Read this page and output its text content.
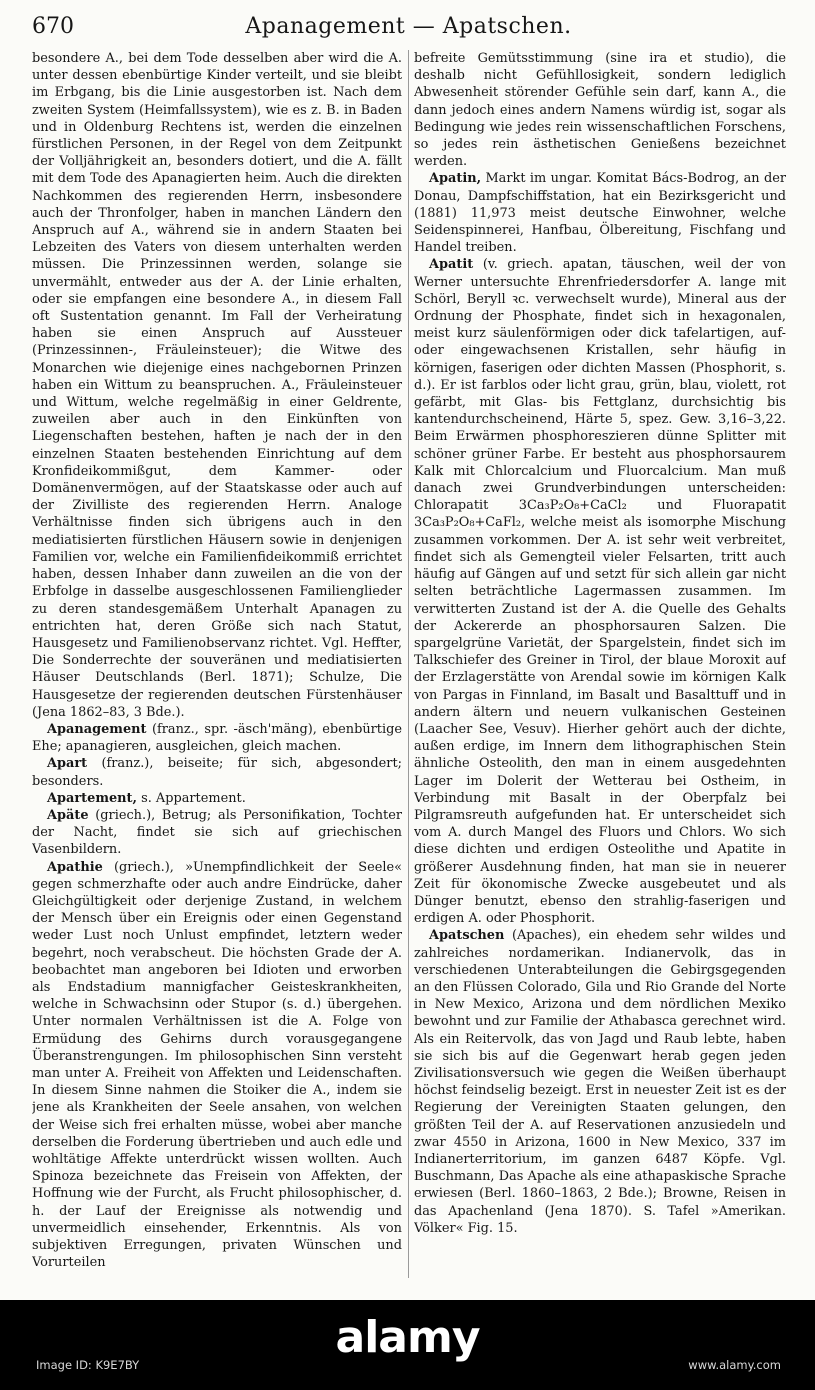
670	Apanagement — Apatschen.

besondere A., bei dem Tode desselben aber wird die A. unter dessen ebenbürtige Kinder verteilt, und sie bleibt im Erbgang, bis die Linie ausgestorben ist. Nach dem zweiten System (Heimfallssystem), wie es z. B. in Baden und in Oldenburg Rechtens ist, werden die einzelnen fürstlichen Personen, in der Regel von dem Zeitpunkt der Volljährigkeit an, besonders dotiert, und die A. fällt mit dem Tode des Apanagierten heim. Auch die direkten Nachkommen des regierenden Herrn, insbesondere auch der Thronfolger, haben in manchen Ländern den Anspruch auf A., während sie in andern Staaten bei Lebzeiten des Vaters von diesem unterhalten werden müssen. Die Prinzessinnen werden, solange sie unvermählt, entweder aus der A. der Linie erhalten, oder sie empfangen eine besondere A., in diesem Fall oft Sustentation genannt. Im Fall der Verheiratung haben sie einen Anspruch auf Aussteuer (Prinzessinnen-, Fräuleinsteuer); die Witwe des Monarchen wie diejenige eines nachgebornen Prinzen haben ein Wittum zu beanspruchen. A., Fräuleinsteuer und Wittum, welche regelmäßig in einer Geldrente, zuweilen aber auch in den Einkünften von Liegenschaften bestehen, haften je nach der in den einzelnen Staaten bestehenden Einrichtung auf dem Kronfideikommißgut, dem Kammer- oder Domänenvermögen, auf der Staatskasse oder auch auf der Zivilliste des regierenden Herrn. Analoge Verhältnisse finden sich übrigens auch in den mediatisierten fürstlichen Häusern sowie in denjenigen Familien vor, welche ein Familienfideikommiß errichtet haben, dessen Inhaber dann zuweilen an die von der Erbfolge in dasselbe ausgeschlossenen Familienglieder zu deren standesgemäßem Unterhalt Apanagen zu entrichten hat, deren Größe sich nach Statut, Hausgesetz und Familienobservanz richtet. Vgl. Heffter, Die Sonderrechte der souveränen und mediatisierten Häuser Deutschlands (Berl. 1871); Schulze, Die Hausgesetze der regierenden deutschen Fürstenhäuser (Jena 1862–83, 3 Bde.).

Apanagement (franz., spr. -äsch'mäng), ebenbürtige Ehe; apanagieren, ausgleichen, gleich machen.

Apart (franz.), beiseite; für sich, abgesondert; besonders.

Apartement, s. Appartement.

Apäte (griech.), Betrug; als Personifikation, Tochter der Nacht, findet sie sich auf griechischen Vasenbildern.

Apathie (griech.), »Unempfindlichkeit der Seele« gegen schmerzhafte oder auch andre Eindrücke, daher Gleichgültigkeit oder derjenige Zustand, in welchem der Mensch über ein Ereignis oder einen Gegenstand weder Lust noch Unlust empfindet, letztern weder begehrt, noch verabscheut. Die höchsten Grade der A. beobachtet man angeboren bei Idioten und erworben als Endstadium mannigfacher Geisteskrankheiten, welche in Schwachsinn oder Stupor (s. d.) übergehen. Unter normalen Verhältnissen ist die A. Folge von Ermüdung des Gehirns durch vorausgegangene Überanstrengungen. Im philosophischen Sinn versteht man unter A. Freiheit von Affekten und Leidenschaften. In diesem Sinne nahmen die Stoiker die A., indem sie jene als Krankheiten der Seele ansahen, von welchen der Weise sich frei erhalten müsse, wobei aber manche derselben die Forderung übertrieben und auch edle und wohltätige Affekte unterdrückt wissen wollten. Auch Spinoza bezeichnete das Freisein von Affekten, der Hoffnung wie der Furcht, als Frucht philosophischer, d. h. der Lauf der Ereignisse als notwendig und unvermeidlich einsehender, Erkenntnis. Als von subjektiven Erregungen, privaten Wünschen und Vorurteilen

befreite Gemütsstimmung (sine ira et studio), die deshalb nicht Gefühllosigkeit, sondern lediglich Abwesenheit störender Gefühle sein darf, kann A., die dann jedoch eines andern Namens würdig ist, sogar als Bedingung wie jedes rein wissenschaftlichen Forschens, so jedes rein ästhetischen Genießens bezeichnet werden.

Apatin, Markt im ungar. Komitat Bács-Bodrog, an der Donau, Dampfschiffstation, hat ein Bezirksgericht und (1881) 11,973 meist deutsche Einwohner, welche Seidenspinnerei, Hanfbau, Ölbereitung, Fischfang und Handel treiben.

Apatit (v. griech. apatan, täuschen, weil der von Werner untersuchte Ehrenfriedersdorfer A. lange mit Schörl, Beryll ꝛc. verwechselt wurde), Mineral aus der Ordnung der Phosphate, findet sich in hexagonalen, meist kurz säulenförmigen oder dick tafelartigen, auf- oder eingewachsenen Kristallen, sehr häufig in körnigen, faserigen oder dichten Massen (Phosphorit, s. d.). Er ist farblos oder licht grau, grün, blau, violett, rot gefärbt, mit Glas- bis Fettglanz, durchsichtig bis kantendurchscheinend, Härte 5, spez. Gew. 3,16–3,22. Beim Erwärmen phosphoreszieren dünne Splitter mit schöner grüner Farbe. Er besteht aus phosphorsaurem Kalk mit Chlorcalcium und Fluorcalcium. Man muß danach zwei Grundverbindungen unterscheiden: Chlorapatit 3Ca₃P₂O₈+CaCl₂ und Fluorapatit 3Ca₃P₂O₈+CaFl₂, welche meist als isomorphe Mischung zusammen vorkommen. Der A. ist sehr weit verbreitet, findet sich als Gemengteil vieler Felsarten, tritt auch häufig auf Gängen auf und setzt für sich allein gar nicht selten beträchtliche Lagermassen zusammen. Im verwitterten Zustand ist der A. die Quelle des Gehalts der Ackererde an phosphorsauren Salzen. Die spargelgrüne Varietät, der Spargelstein, findet sich im Talkschiefer des Greiner in Tirol, der blaue Moroxit auf der Erzlagerstätte von Arendal sowie im körnigen Kalk von Pargas in Finnland, im Basalt und Basalttuff und in andern ältern und neuern vulkanischen Gesteinen (Laacher See, Vesuv). Hierher gehört auch der dichte, außen erdige, im Innern dem lithographischen Stein ähnliche Osteolith, den man in einem ausgedehnten Lager im Dolerit der Wetterau bei Ostheim, in Verbindung mit Basalt in der Oberpfalz bei Pilgramsreuth aufgefunden hat. Er unterscheidet sich vom A. durch Mangel des Fluors und Chlors. Wo sich diese dichten und erdigen Osteolithe und Apatite in größerer Ausdehnung finden, hat man sie in neuerer Zeit für ökonomische Zwecke ausgebeutet und als Dünger benutzt, ebenso den strahlig-faserigen und erdigen A. oder Phosphorit.

Apatschen (Apaches), ein ehedem sehr wildes und zahlreiches nordamerikan. Indianervolk, das in verschiedenen Unterabteilungen die Gebirgsgegenden an den Flüssen Colorado, Gila und Rio Grande del Norte in New Mexico, Arizona und dem nördlichen Mexiko bewohnt und zur Familie der Athabasca gerechnet wird. Als ein Reitervolk, das von Jagd und Raub lebte, haben sie sich bis auf die Gegenwart herab gegen jeden Zivilisationsversuch wie gegen die Weißen überhaupt höchst feindselig bezeigt. Erst in neuester Zeit ist es der Regierung der Vereinigten Staaten gelungen, den größten Teil der A. auf Reservationen anzusiedeln und zwar 4550 in Arizona, 1600 in New Mexico, 337 im Indianerterritorium, im ganzen 6487 Köpfe. Vgl. Buschmann, Das Apache als eine athapaskische Sprache erwiesen (Berl. 1860–1863, 2 Bde.); Browne, Reisen in das Apachenland (Jena 1870). S. Tafel »Amerikan. Völker« Fig. 15.

alamy
Image ID: K9E7BY	www.alamy.com
